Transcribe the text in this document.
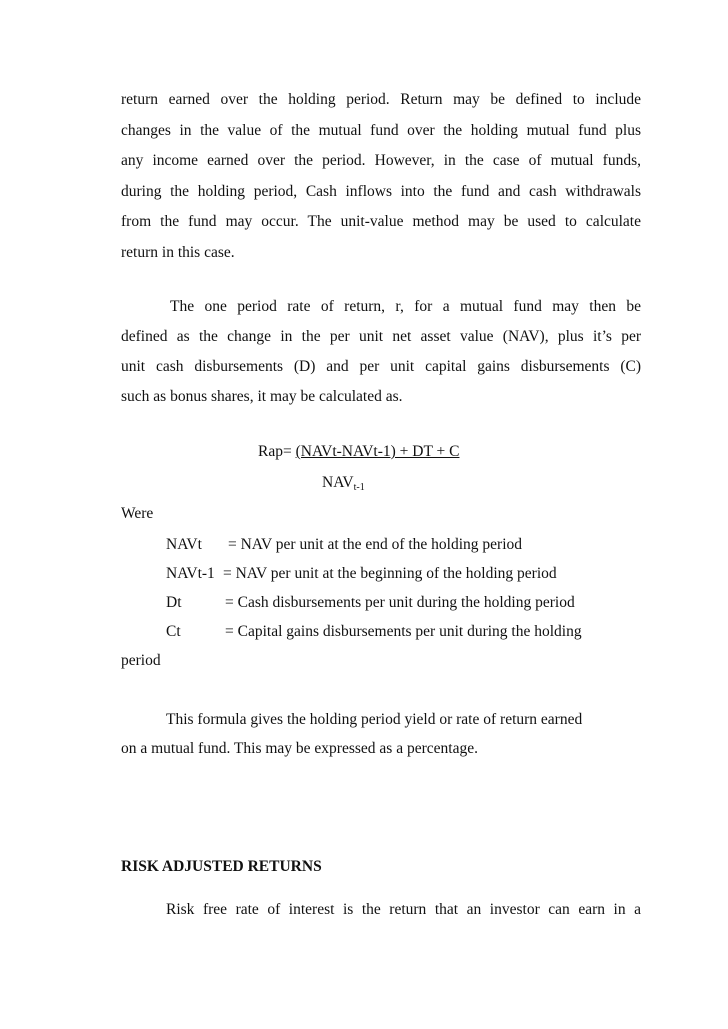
return earned over the holding period. Return may be defined to include
changes in the value of the mutual fund over the holding mutual fund plus
any income earned over the period. However, in the case of mutual funds,
during the holding period, Cash inflows into the fund and cash withdrawals
from the fund may occur. The unit-value method may be used to calculate
return in this case.
The one period rate of return, r, for a mutual fund may then be
defined as the change in the per unit net asset value (NAV), plus it’s per
unit cash disbursements (D) and per unit capital gains disbursements (C)
such as bonus shares, it may be calculated as.
Rap= (NAVt-NAVt-1) + DT + C
$NAV_{t-1}$
Were
NAVt = NAV per unit at the end of the holding period
NAVt-1 = NAV per unit at the beginning of the holding period
Dt	= Cash disbursements per unit during the holding period
Ct	= Capital gains disbursements per unit during the holding
period
This formula gives the holding period yield or rate of return earned
on a mutual fund. This may be expressed as a percentage.
RISK ADJUSTED RETURNS
Risk free rate of interest is the return that an investor can earn in a
